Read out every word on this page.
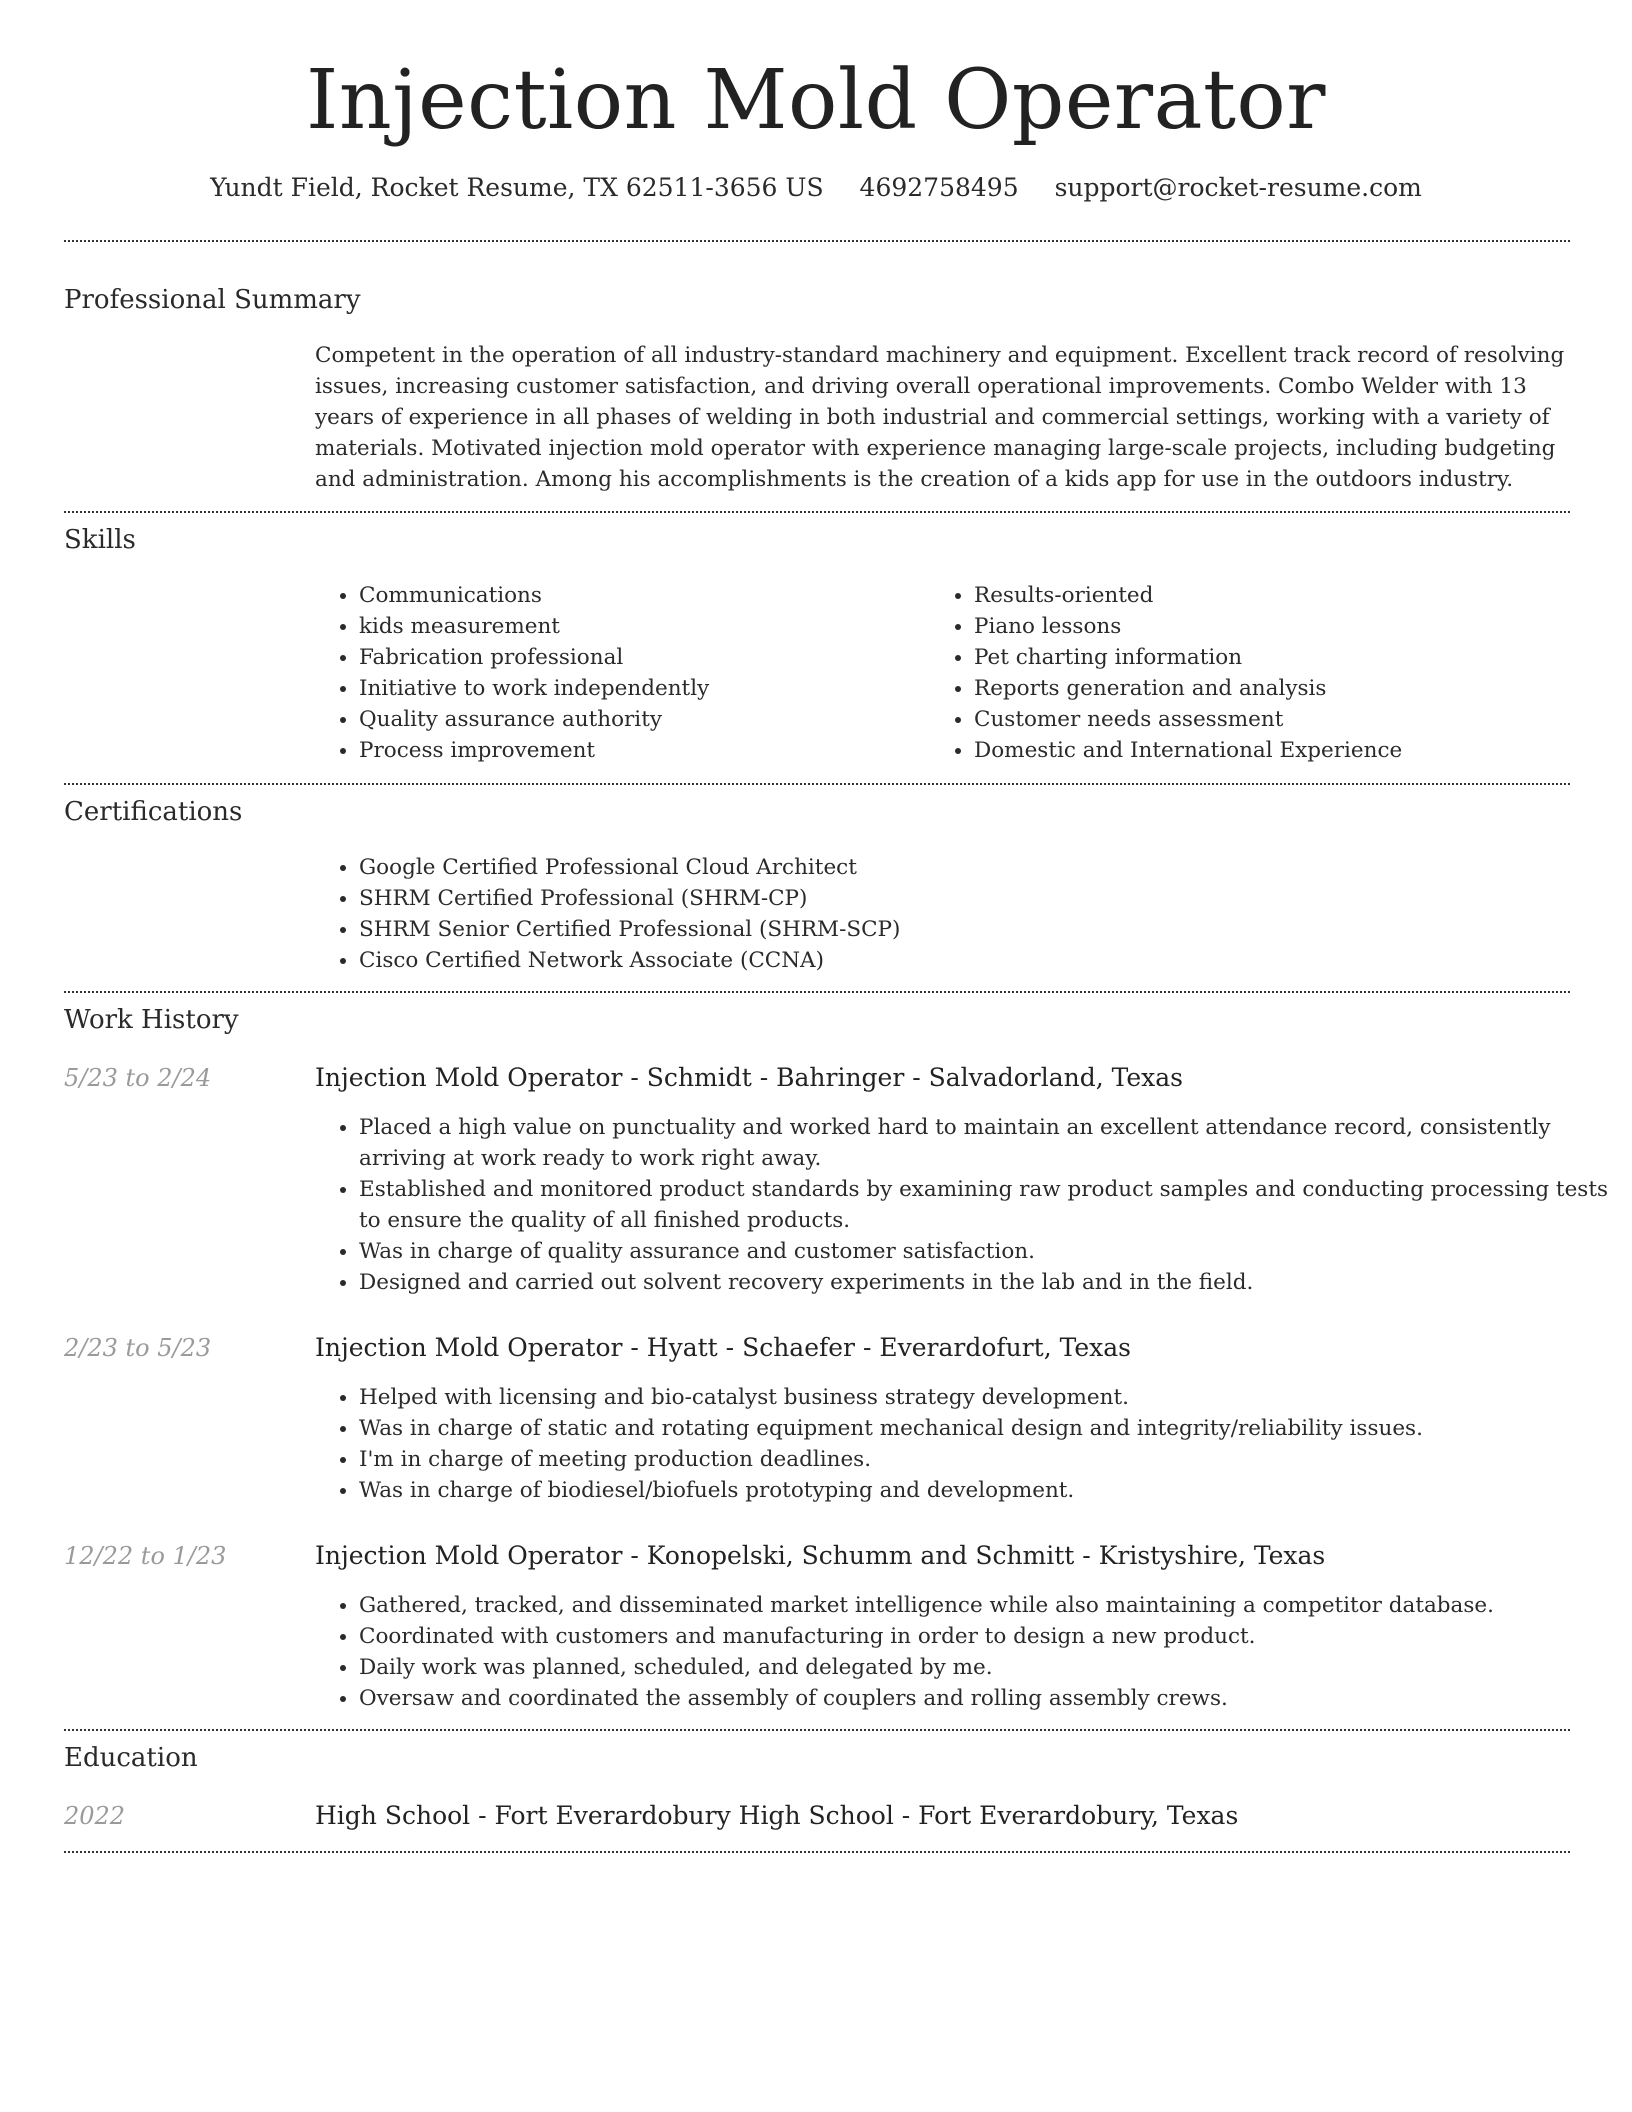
Injection Mold Operator
Yundt Field, Rocket Resume, TX 62511-3656 US 4692758495 support@rocket-resume.com
Professional Summary

Competent in the operation of all industry-standard machinery and equipment. Excellent track record of resolving issues, increasing customer satisfaction, and driving overall operational improvements. Combo Welder with 13 years of experience in all phases of welding in both industrial and commercial settings, working with a variety of materials. Motivated injection mold operator with experience managing large-scale projects, including budgeting and administration. Among his accomplishments is the creation of a kids app for use in the outdoors industry.

Skills
• Communications
• kids measurement
• Fabrication professional
• Initiative to work independently
• Quality assurance authority
• Process improvement
• Results-oriented
• Piano lessons
• Pet charting information
• Reports generation and analysis
• Customer needs assessment
• Domestic and International Experience
Certifications
• Google Certified Professional Cloud Architect
• SHRM Certified Professional (SHRM-CP)
• SHRM Senior Certified Professional (SHRM-SCP)
• Cisco Certified Network Associate (CCNA)
Work History
5/23 to 2/24	Injection Mold Operator - Schmidt - Bahringer - Salvadorland, Texas
• Placed a high value on punctuality and worked hard to maintain an excellent attendance record, consistently arriving at work ready to work right away.
• Established and monitored product standards by examining raw product samples and conducting processing tests to ensure the quality of all finished products.
• Was in charge of quality assurance and customer satisfaction.
• Designed and carried out solvent recovery experiments in the lab and in the field.
2/23 to 5/23	Injection Mold Operator - Hyatt - Schaefer - Everardofurt, Texas
• Helped with licensing and bio-catalyst business strategy development.
• Was in charge of static and rotating equipment mechanical design and integrity/reliability issues.
• I'm in charge of meeting production deadlines.
• Was in charge of biodiesel/biofuels prototyping and development.
12/22 to 1/23	Injection Mold Operator - Konopelski, Schumm and Schmitt - Kristyshire, Texas
• Gathered, tracked, and disseminated market intelligence while also maintaining a competitor database.
• Coordinated with customers and manufacturing in order to design a new product.
• Daily work was planned, scheduled, and delegated by me.
• Oversaw and coordinated the assembly of couplers and rolling assembly crews.
Education
2022	High School - Fort Everardobury High School - Fort Everardobury, Texas
